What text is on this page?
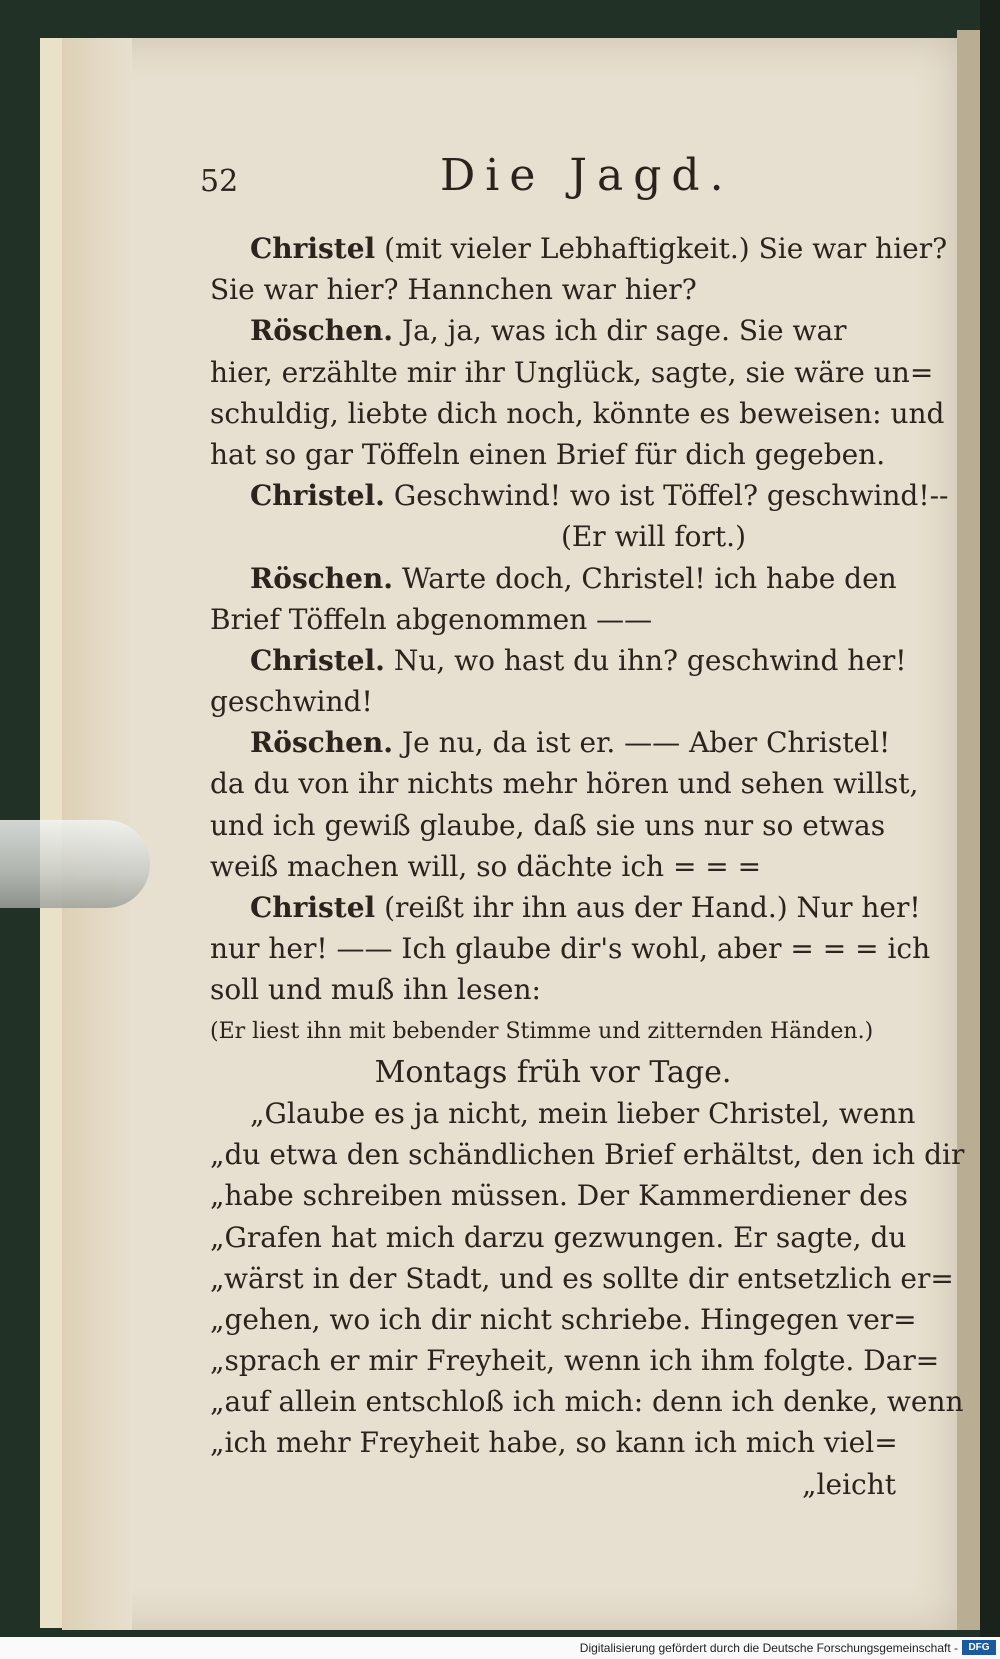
52	Die Jagd.
Christel (mit vieler Lebhaftigkeit.) Sie war hier?
Sie war hier? Hannchen war hier?
Röschen. Ja, ja, was ich dir sage. Sie war
hier, erzählte mir ihr Unglück, sagte, sie wäre un=
schuldig, liebte dich noch, könnte es beweisen: und
hat so gar Töffeln einen Brief für dich gegeben.
Christel. Geschwind! wo ist Töffel? geschwind!--
(Er will fort.)
Röschen. Warte doch, Christel! ich habe den
Brief Töffeln abgenommen ——
Christel. Nu, wo hast du ihn? geschwind her!
geschwind!
Röschen. Je nu, da ist er. —— Aber Christel!
da du von ihr nichts mehr hören und sehen willst,
und ich gewiß glaube, daß sie uns nur so etwas
weiß machen will, so dächte ich = = =
Christel (reißt ihr ihn aus der Hand.) Nur her!
nur her! —— Ich glaube dir's wohl, aber = = = ich
soll und muß ihn lesen:
(Er liest ihn mit bebender Stimme und zitternden Händen.)
Montags früh vor Tage.
„Glaube es ja nicht, mein lieber Christel, wenn
„du etwa den schändlichen Brief erhältst, den ich dir
„habe schreiben müssen. Der Kammerdiener des
„Grafen hat mich darzu gezwungen. Er sagte, du
„wärst in der Stadt, und es sollte dir entsetzlich er=
„gehen, wo ich dir nicht schriebe. Hingegen ver=
„sprach er mir Freyheit, wenn ich ihm folgte. Dar=
„auf allein entschloß ich mich: denn ich denke, wenn
„ich mehr Freyheit habe, so kann ich mich viel=
„leicht
Digitalisierung gefördert durch die Deutsche Forschungsgemeinschaft -	DFG
